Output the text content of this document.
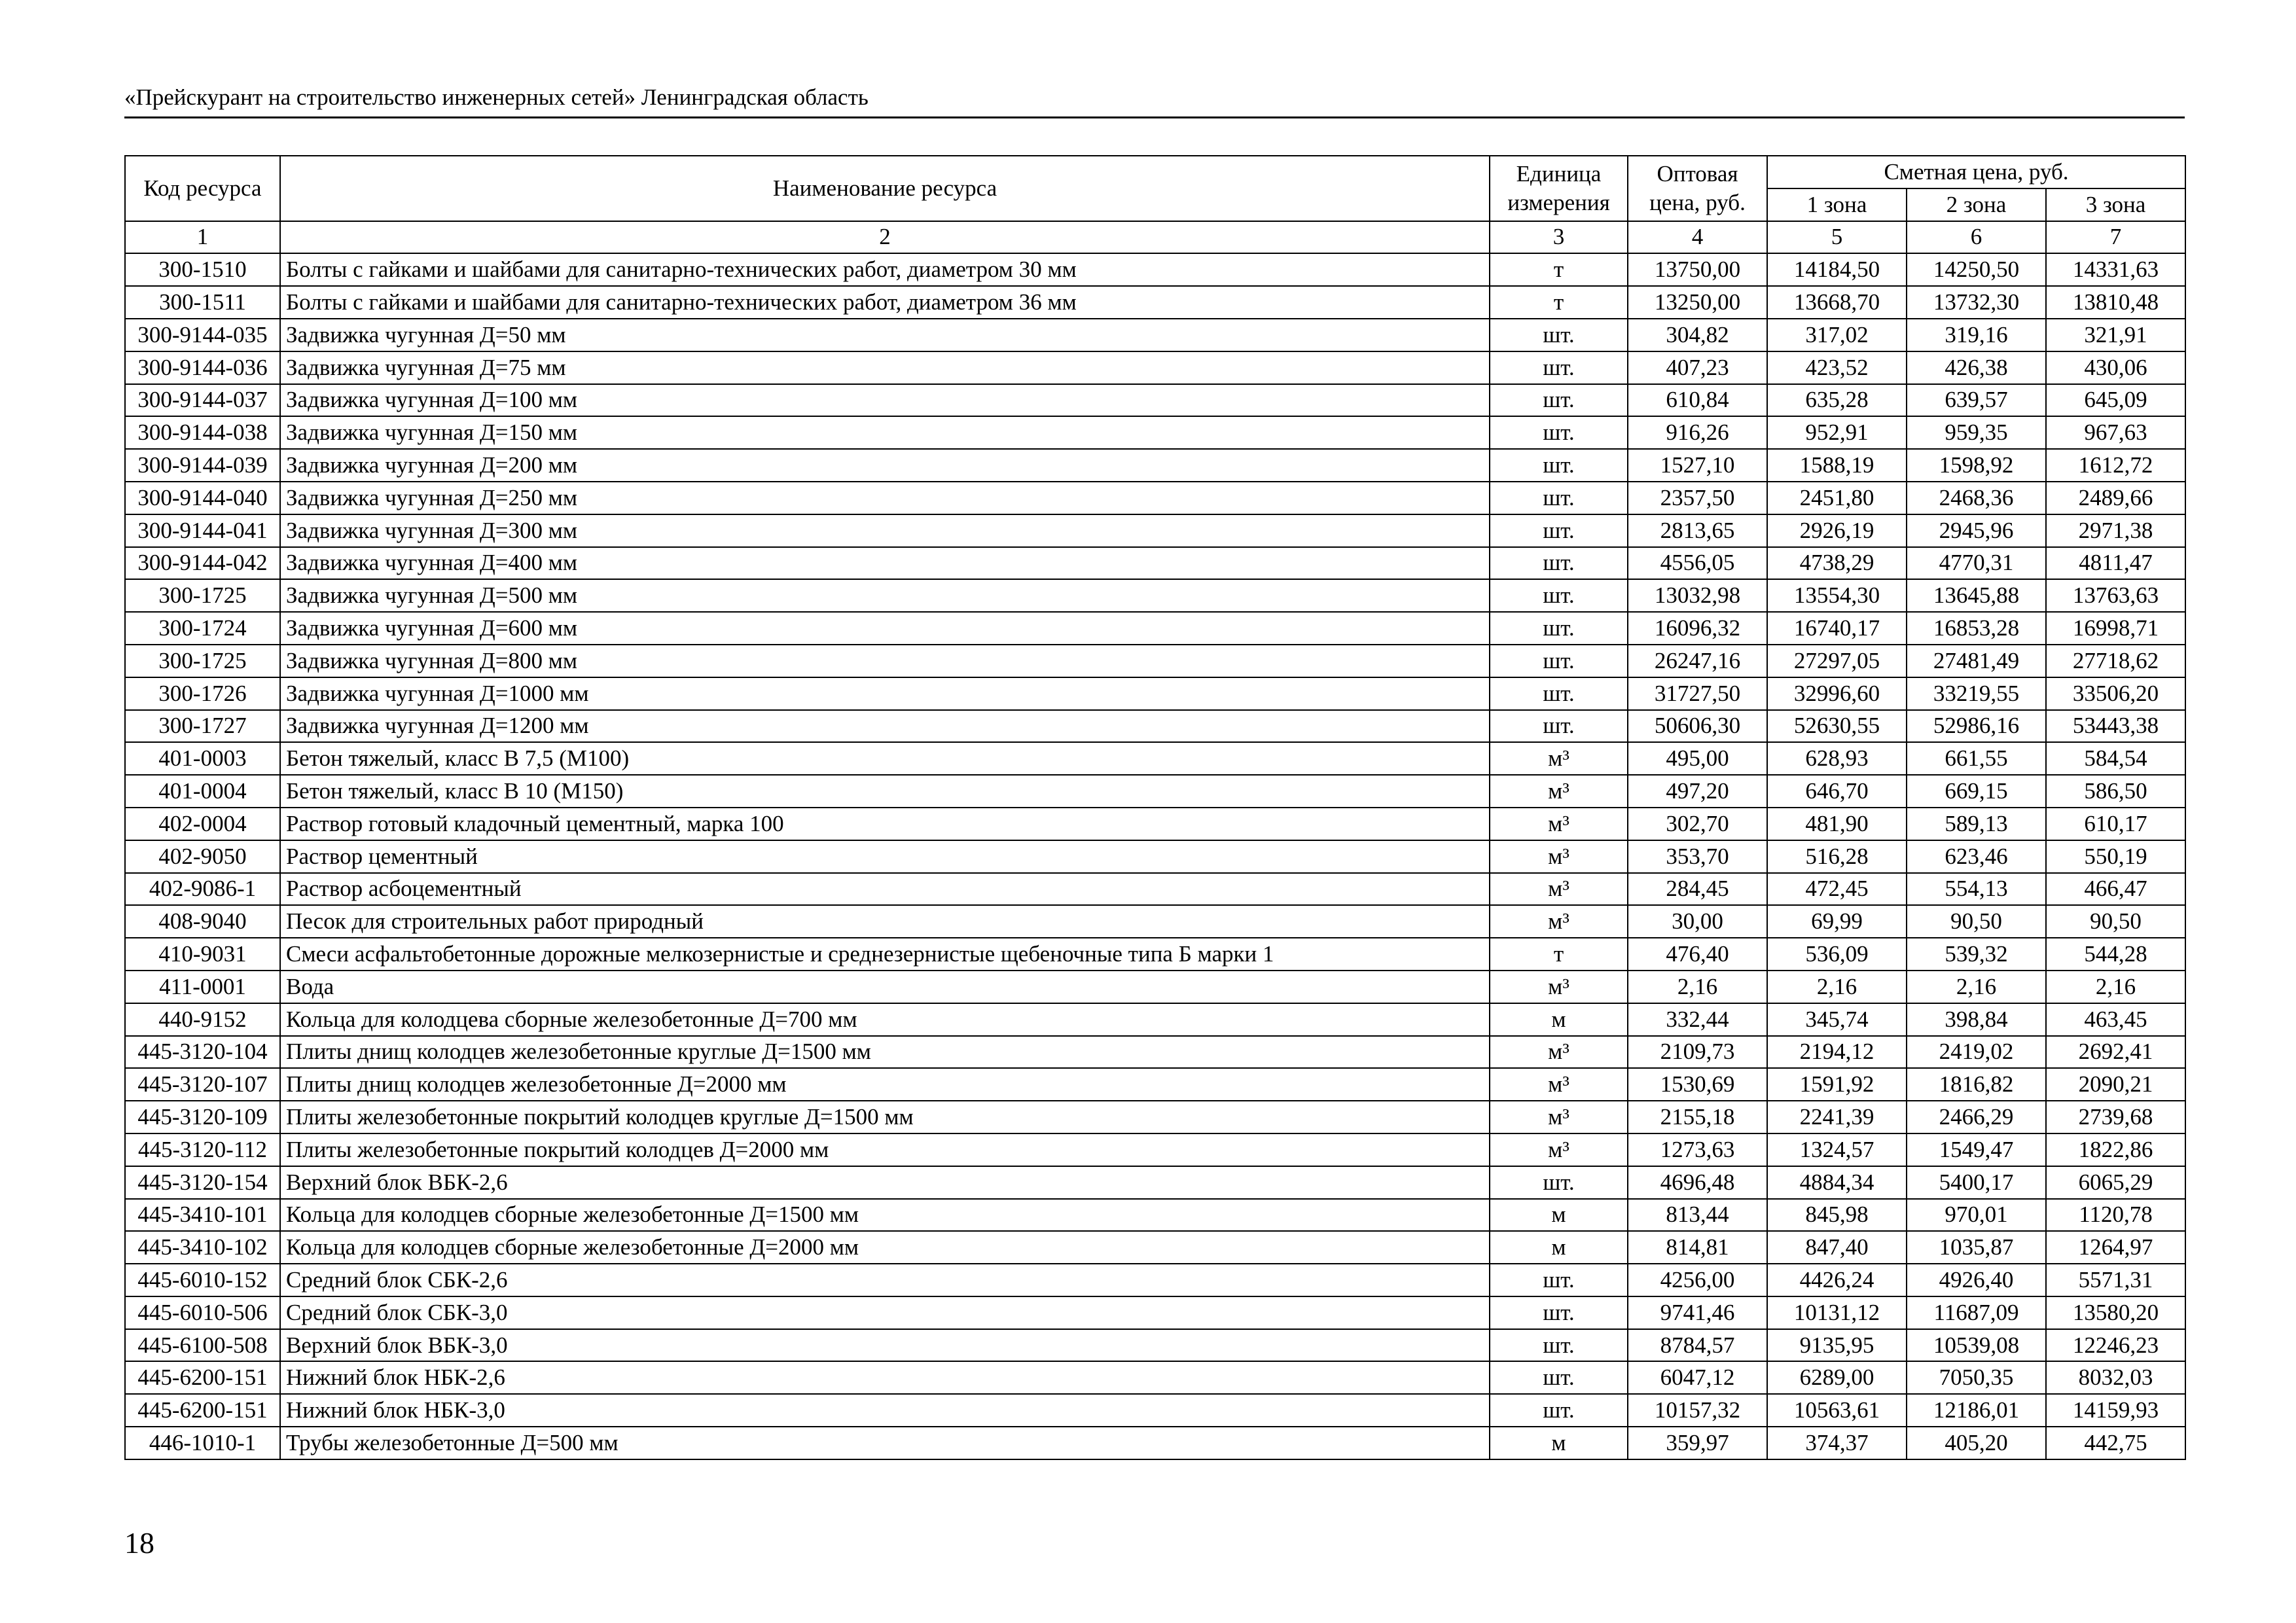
«Прейскурант на строительство инженерных сетей» Ленинградская область
Код ресурса	Наименование ресурса	Единица измерения	Оптовая цена, руб.	Сметная цена, руб.		
				1 зона	2 зона	3 зона
1	2	3	4	5	6	7
300-1510	Болты с гайками и шайбами для санитарно-технических работ, диаметром 30 мм	т	13750,00	14184,50	14250,50	14331,63
300-1511	Болты с гайками и шайбами для санитарно-технических работ, диаметром 36 мм	т	13250,00	13668,70	13732,30	13810,48
300-9144-035	Задвижка чугунная Д=50 мм	шт.	304,82	317,02	319,16	321,91
300-9144-036	Задвижка чугунная Д=75 мм	шт.	407,23	423,52	426,38	430,06
300-9144-037	Задвижка чугунная Д=100 мм	шт.	610,84	635,28	639,57	645,09
300-9144-038	Задвижка чугунная Д=150 мм	шт.	916,26	952,91	959,35	967,63
300-9144-039	Задвижка чугунная Д=200 мм	шт.	1527,10	1588,19	1598,92	1612,72
300-9144-040	Задвижка чугунная Д=250 мм	шт.	2357,50	2451,80	2468,36	2489,66
300-9144-041	Задвижка чугунная Д=300 мм	шт.	2813,65	2926,19	2945,96	2971,38
300-9144-042	Задвижка чугунная Д=400 мм	шт.	4556,05	4738,29	4770,31	4811,47
300-1725	Задвижка чугунная Д=500 мм	шт.	13032,98	13554,30	13645,88	13763,63
300-1724	Задвижка чугунная Д=600 мм	шт.	16096,32	16740,17	16853,28	16998,71
300-1725	Задвижка чугунная Д=800 мм	шт.	26247,16	27297,05	27481,49	27718,62
300-1726	Задвижка чугунная Д=1000 мм	шт.	31727,50	32996,60	33219,55	33506,20
300-1727	Задвижка чугунная Д=1200 мм	шт.	50606,30	52630,55	52986,16	53443,38
401-0003	Бетон тяжелый, класс В 7,5 (М100)	м³	495,00	628,93	661,55	584,54
401-0004	Бетон тяжелый, класс В 10 (М150)	м³	497,20	646,70	669,15	586,50
402-0004	Раствор готовый кладочный цементный, марка 100	м³	302,70	481,90	589,13	610,17
402-9050	Раствор цементный	м³	353,70	516,28	623,46	550,19
402-9086-1	Раствор асбоцементный	м³	284,45	472,45	554,13	466,47
408-9040	Песок для строительных работ природный	м³	30,00	69,99	90,50	90,50
410-9031	Смеси асфальтобетонные дорожные мелкозернистые и среднезернистые щебеночные типа Б марки 1	т	476,40	536,09	539,32	544,28
411-0001	Вода	м³	2,16	2,16	2,16	2,16
440-9152	Кольца для колодцева сборные железобетонные Д=700 мм	м	332,44	345,74	398,84	463,45
445-3120-104	Плиты днищ колодцев железобетонные круглые Д=1500 мм	м³	2109,73	2194,12	2419,02	2692,41
445-3120-107	Плиты днищ колодцев железобетонные Д=2000 мм	м³	1530,69	1591,92	1816,82	2090,21
445-3120-109	Плиты железобетонные покрытий колодцев круглые Д=1500 мм	м³	2155,18	2241,39	2466,29	2739,68
445-3120-112	Плиты железобетонные покрытий колодцев Д=2000 мм	м³	1273,63	1324,57	1549,47	1822,86
445-3120-154	Верхний блок ВБК-2,6	шт.	4696,48	4884,34	5400,17	6065,29
445-3410-101	Кольца для колодцев сборные железобетонные Д=1500 мм	м	813,44	845,98	970,01	1120,78
445-3410-102	Кольца для колодцев сборные железобетонные Д=2000 мм	м	814,81	847,40	1035,87	1264,97
445-6010-152	Средний блок СБК-2,6	шт.	4256,00	4426,24	4926,40	5571,31
445-6010-506	Средний блок СБК-3,0	шт.	9741,46	10131,12	11687,09	13580,20
445-6100-508	Верхний блок ВБК-3,0	шт.	8784,57	9135,95	10539,08	12246,23
445-6200-151	Нижний блок НБК-2,6	шт.	6047,12	6289,00	7050,35	8032,03
445-6200-151	Нижний блок НБК-3,0	шт.	10157,32	10563,61	12186,01	14159,93
446-1010-1	Трубы железобетонные Д=500 мм	м	359,97	374,37	405,20	442,75
18
